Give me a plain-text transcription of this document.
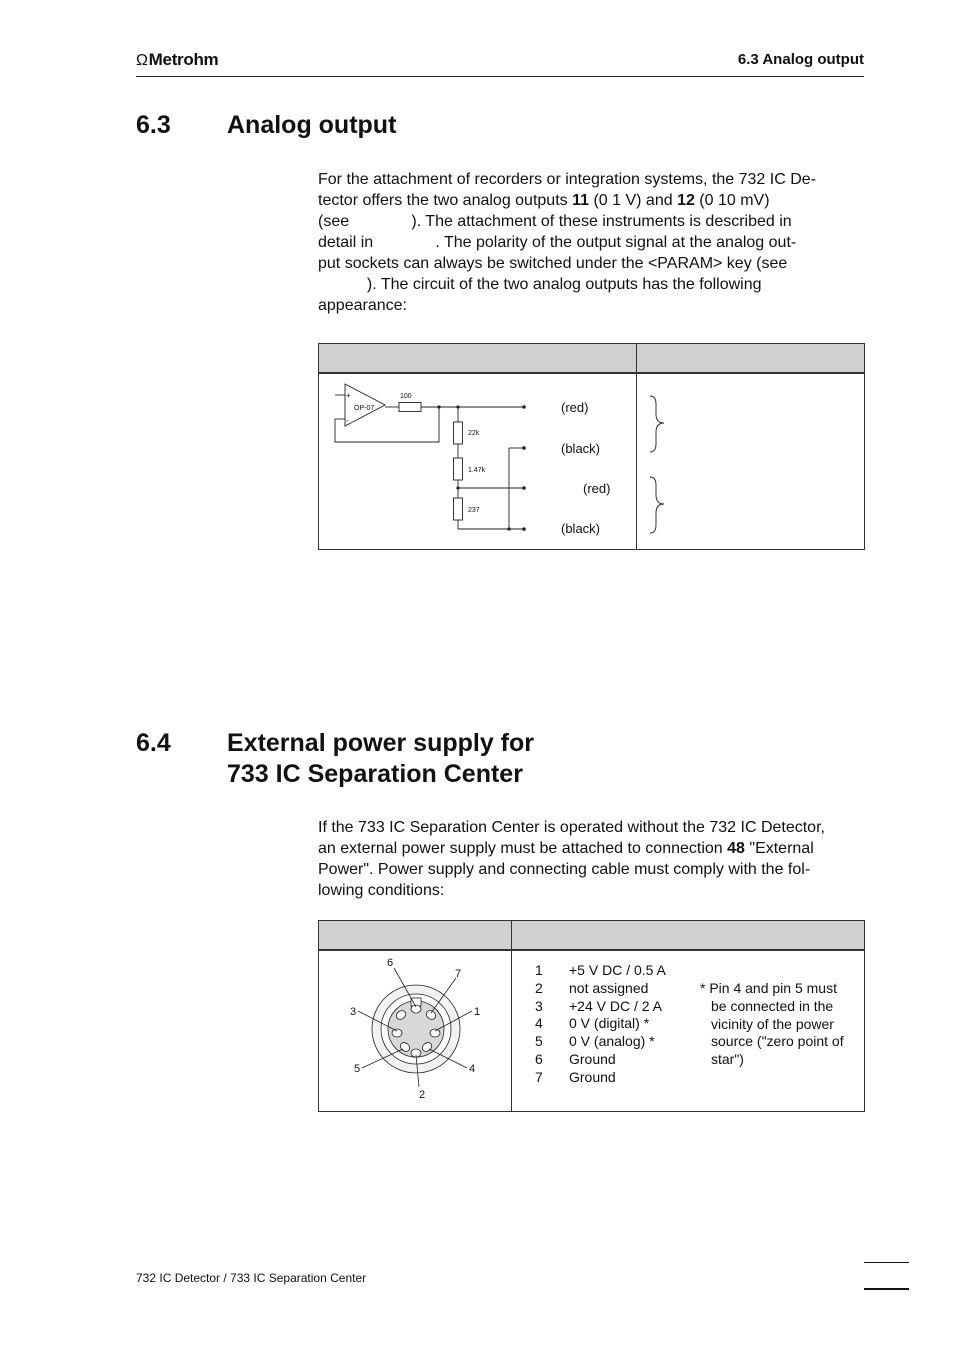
ΩMetrohm	6.3 Analog output
6.3 Analog output
For the attachment of recorders or integration systems, the 732 IC De-
tector offers the two analog outputs 11 (0 1 V) and 12 (0 10 mV)
(see              ). The attachment of these instruments is described in
detail in              . The polarity of the output signal at the analog out-
put sockets can always be switched under the <PARAM> key (see
). The circuit of the two analog outputs has the following
appearance:
+
-
OP-07
100
22k
1.47k
237
(red)
(black)
(red)
(black)
6.4 External power supply for
733 IC Separation Center
If the 733 IC Separation Center is operated without the 732 IC Detector,
an external power supply must be attached to connection 48 "External
Power". Power supply and connecting cable must comply with the fol-
lowing conditions:
6
7
3	1
5	4
2
1	+5 V DC / 0.5 A
2	not assigned
3	+24 V DC / 2 A
4	0 V (digital) *
5	0 V (analog) *
6	Ground
7	Ground
* Pin 4 and pin 5 must
be connected in the
vicinity of the power
source ("zero point of
star")
732 IC Detector / 733 IC Separation Center
